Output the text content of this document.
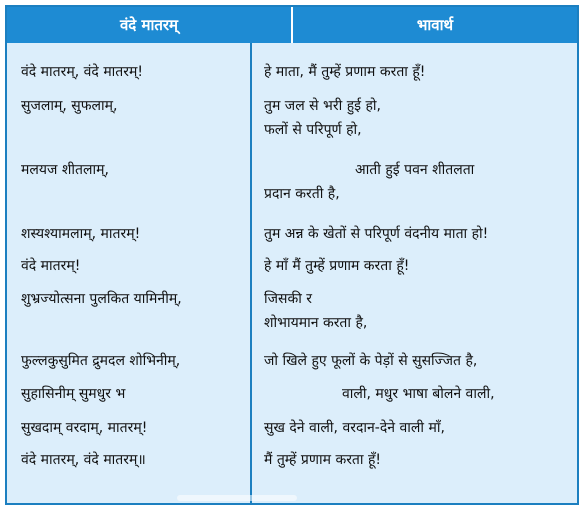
वंदे मातरम्	भावार्थ
वंदे मातरम्, वंदे मातरम्!
सुजलाम्, सुफलाम्,
मलयज शीतलाम्,
शस्यश्यामलाम्, मातरम्!
वंदे मातरम्!
शुभ्रज्योत्सना पुलकित यामिनीम्,
फुल्लकुसुमित द्रुमदल शोभिनीम्,
सुहासिनीम् सुमधुर भ
सुखदाम् वरदाम्, मातरम्!
वंदे मातरम्, वंदे मातरम्॥
हे माता, मैं तुम्हें प्रणाम करता हूँ!
तुम जल से भरी हुई हो,
फलों से परिपूर्ण हो,
आती हुई पवन शीतलता
प्रदान करती है,
तुम अन्न के खेतों से परिपूर्ण वंदनीय माता हो!
हे माँ मैं तुम्हें प्रणाम करता हूँ!
जिसकी र
शोभायमान करता है,
जो खिले हुए फूलों के पेड़ों से सुसज्जित है,
वाली, मधुर भाषा बोलने वाली,
सुख देने वाली, वरदान-देने वाली माँ,
मैं तुम्हें प्रणाम करता हूँ!
